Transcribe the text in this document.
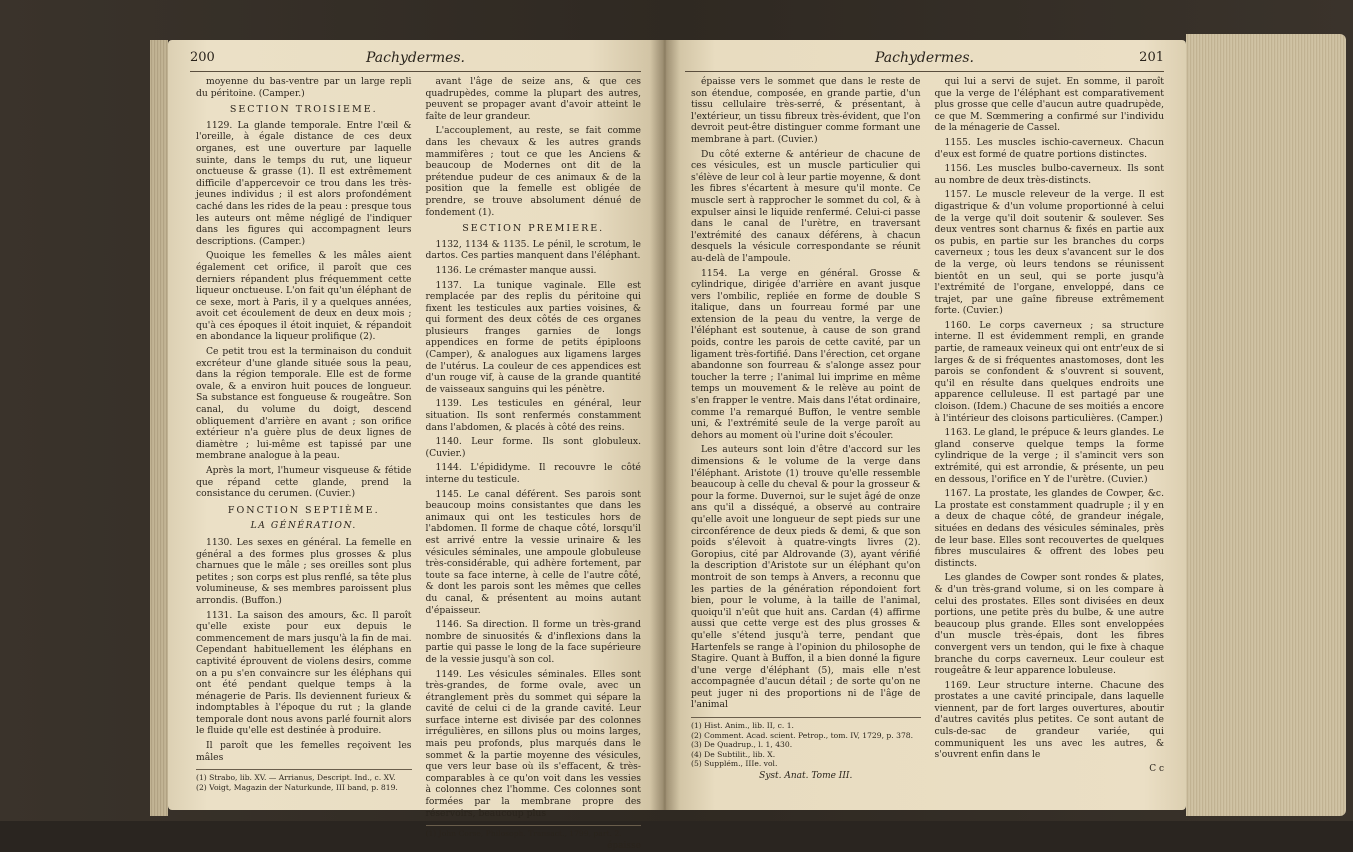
200	Pachydermes.

moyenne du bas-ventre par un large repli du péritoine. (Camper.)

SECTION TROISIEME.

1129. La glande temporale. Entre l'œil & l'oreille, à égale distance de ces deux organes, est une ouverture par laquelle suinte, dans le temps du rut, une liqueur onctueuse & grasse (1). Il est extrêmement difficile d'appercevoir ce trou dans les très-jeunes individus ; il est alors profondément caché dans les rides de la peau : presque tous les auteurs ont même négligé de l'indiquer dans les figures qui accompagnent leurs descriptions. (Camper.)

Quoique les femelles & les mâles aient également cet orifice, il paroît que ces derniers répandent plus fréquemment cette liqueur onctueuse. L'on fait qu'un éléphant de ce sexe, mort à Paris, il y a quelques années, avoit cet écoulement de deux en deux mois ; qu'à ces époques il étoit inquiet, & répandoit en abondance la liqueur prolifique (2).

Ce petit trou est la terminaison du conduit excréteur d'une glande située sous la peau, dans la région temporale. Elle est de forme ovale, & a environ huit pouces de longueur. Sa substance est fongueuse & rougeâtre. Son canal, du volume du doigt, descend obliquement d'arrière en avant ; son orifice extérieur n'a guère plus de deux lignes de diamètre ; lui-même est tapissé par une membrane analogue à la peau.

Après la mort, l'humeur visqueuse & fétide que répand cette glande, prend la consistance du cerumen. (Cuvier.)

FONCTION SEPTIÈME.

LA GÉNÉRATION.

1130. Les sexes en général. La femelle en général a des formes plus grosses & plus charnues que le mâle ; ses oreilles sont plus petites ; son corps est plus renflé, sa tête plus volumineuse, & ses membres paroissent plus arrondis. (Buffon.)

1131. La saison des amours, &c. Il paroît qu'elle existe pour eux depuis le commencement de mars jusqu'à la fin de mai. Cependant habituellement les éléphans en captivité éprouvent de violens desirs, comme on a pu s'en convaincre sur les éléphans qui ont été pendant quelque temps à la ménagerie de Paris. Ils deviennent furieux & indomptables à l'époque du rut ; la glande temporale dont nous avons parlé fournit alors le fluide qu'elle est destinée à produire.

Il paroît que les femelles reçoivent les mâles

(1) Strabo, lib. XV. — Arrianus, Descript. Ind., c. XV.
(2) Voigt, Magazin der Naturkunde, III band, p. 819.

avant l'âge de seize ans, & que ces quadrupèdes, comme la plupart des autres, peuvent se propager avant d'avoir atteint le faîte de leur grandeur.

L'accouplement, au reste, se fait comme dans les chevaux & les autres grands mammifères ; tout ce que les Anciens & beaucoup de Modernes ont dit de la prétendue pudeur de ces animaux & de la position que la femelle est obligée de prendre, se trouve absolument dénué de fondement (1).

SECTION PREMIERE.

1132, 1134 & 1135. Le pénil, le scrotum, le dartos. Ces parties manquent dans l'éléphant.

1136. Le crémaster manque aussi.

1137. La tunique vaginale. Elle est remplacée par des replis du péritoine qui fixent les testicules aux parties voisines, & qui forment des deux côtés de ces organes plusieurs franges garnies de longs appendices en forme de petits épiploons (Camper), & analogues aux ligamens larges de l'utérus. La couleur de ces appendices est d'un rouge vif, à cause de la grande quantité de vaisseaux sanguins qui les pénètre.

1139. Les testicules en général, leur situation. Ils sont renfermés constamment dans l'abdomen, & placés à côté des reins.

1140. Leur forme. Ils sont globuleux. (Cuvier.)

1144. L'épididyme. Il recouvre le côté interne du testicule.

1145. Le canal déférent. Ses parois sont beaucoup moins consistantes que dans les animaux qui ont les testicules hors de l'abdomen. Il forme de chaque côté, lorsqu'il est arrivé entre la vessie urinaire & les vésicules séminales, une ampoule globuleuse très-considérable, qui adhère fortement, par toute sa face interne, à celle de l'autre côté, & dont les parois sont les mêmes que celles du canal, & présentent au moins autant d'épaisseur.

1146. Sa direction. Il forme un très-grand nombre de sinuosités & d'inflexions dans la partie qui passe le long de la face supérieure de la vessie jusqu'à son col.

1149. Les vésicules séminales. Elles sont très-grandes, de forme ovale, avec un étranglement près du sommet qui sépare la cavité de celui ci de la grande cavité. Leur surface interne est divisée par des colonnes irrégulières, en sillons plus ou moins larges, mais peu profonds, plus marqués dans le sommet & la partie moyenne des vésicules, que vers leur base où ils s'effacent, & très-comparables à ce qu'on voit dans les vessies à colonnes chez l'homme. Ces colonnes sont formées par la membrane propre des réservoirs, beaucoup plus

(1) John Corse, Philosoph. Transact., 1799, part. 2.
épaisse
Pachydermes.	201

épaisse vers le sommet que dans le reste de son étendue, composée, en grande partie, d'un tissu cellulaire très-serré, & présentant, à l'extérieur, un tissu fibreux très-évident, que l'on devroit peut-être distinguer comme formant une membrane à part. (Cuvier.)

Du côté externe & antérieur de chacune de ces vésicules, est un muscle particulier qui s'élève de leur col à leur partie moyenne, & dont les fibres s'écartent à mesure qu'il monte. Ce muscle sert à rapprocher le sommet du col, & à expulser ainsi le liquide renfermé. Celui-ci passe dans le canal de l'urètre, en traversant l'extrémité des canaux déférens, à chacun desquels la vésicule correspondante se réunit au-delà de l'ampoule.

1154. La verge en général. Grosse & cylindrique, dirigée d'arrière en avant jusque vers l'ombilic, repliée en forme de double S italique, dans un fourreau formé par une extension de la peau du ventre, la verge de l'éléphant est soutenue, à cause de son grand poids, contre les parois de cette cavité, par un ligament très-fortifié. Dans l'érection, cet organe abandonne son fourreau & s'alonge assez pour toucher la terre ; l'animal lui imprime en même temps un mouvement & le relève au point de s'en frapper le ventre. Mais dans l'état ordinaire, comme l'a remarqué Buffon, le ventre semble uni, & l'extrémité seule de la verge paroît au dehors au moment où l'urine doit s'écouler.

Les auteurs sont loin d'être d'accord sur les dimensions & le volume de la verge dans l'éléphant. Aristote (1) trouve qu'elle ressemble beaucoup à celle du cheval & pour la grosseur & pour la forme. Duvernoi, sur le sujet âgé de onze ans qu'il a disséqué, a observé au contraire qu'elle avoit une longueur de sept pieds sur une circonférence de deux pieds & demi, & que son poids s'élevoit à quatre-vingts livres (2). Goropius, cité par Aldrovande (3), ayant vérifié la description d'Aristote sur un éléphant qu'on montroit de son temps à Anvers, a reconnu que les parties de la génération répondoient fort bien, pour le volume, à la taille de l'animal, quoiqu'il n'eût que huit ans. Cardan (4) affirme aussi que cette verge est des plus grosses & qu'elle s'étend jusqu'à terre, pendant que Hartenfels se range à l'opinion du philosophe de Stagire. Quant à Buffon, il a bien donné la figure d'une verge d'éléphant (5), mais elle n'est accompagnée d'aucun détail ; de sorte qu'on ne peut juger ni des proportions ni de l'âge de l'animal

(1) Hist. Anim., lib. II, c. 1.
(2) Comment. Acad. scient. Petrop., tom. IV, 1729, p. 378.
(3) De Quadrup., l. 1, 430.
(4) De Subtilit., lib. X.
(5) Supplém., IIIe. vol.
Syst. Anat. Tome III.

qui lui a servi de sujet. En somme, il paroît que la verge de l'éléphant est comparativement plus grosse que celle d'aucun autre quadrupède, ce que M. Sœmmering a confirmé sur l'individu de la ménagerie de Cassel.

1155. Les muscles ischio-caverneux. Chacun d'eux est formé de quatre portions distinctes.

1156. Les muscles bulbo-caverneux. Ils sont au nombre de deux très-distincts.

1157. Le muscle releveur de la verge. Il est digastrique & d'un volume proportionné à celui de la verge qu'il doit soutenir & soulever. Ses deux ventres sont charnus & fixés en partie aux os pubis, en partie sur les branches du corps caverneux ; tous les deux s'avancent sur le dos de la verge, où leurs tendons se réunissent bientôt en un seul, qui se porte jusqu'à l'extrémité de l'organe, enveloppé, dans ce trajet, par une gaîne fibreuse extrêmement forte. (Cuvier.)

1160. Le corps caverneux ; sa structure interne. Il est évidemment rempli, en grande partie, de rameaux veineux qui ont entr'eux de si larges & de si fréquentes anastomoses, dont les parois se confondent & s'ouvrent si souvent, qu'il en résulte dans quelques endroits une apparence celluleuse. Il est partagé par une cloison. (Idem.) Chacune de ses moitiés a encore à l'intérieur des cloisons particulières. (Camper.)

1163. Le gland, le prépuce & leurs glandes. Le gland conserve quelque temps la forme cylindrique de la verge ; il s'amincit vers son extrémité, qui est arrondie, & présente, un peu en dessous, l'orifice en Y de l'urètre. (Cuvier.)

1167. La prostate, les glandes de Cowper, &c. La prostate est constamment quadruple ; il y en a deux de chaque côté, de grandeur inégale, situées en dedans des vésicules séminales, près de leur base. Elles sont recouvertes de quelques fibres musculaires & offrent des lobes peu distincts.

Les glandes de Cowper sont rondes & plates, & d'un très-grand volume, si on les compare à celui des prostates. Elles sont divisées en deux portions, une petite près du bulbe, & une autre beaucoup plus grande. Elles sont enveloppées d'un muscle très-épais, dont les fibres convergent vers un tendon, qui le fixe à chaque branche du corps caverneux. Leur couleur est rougeâtre & leur apparence lobuleuse.

1169. Leur structure interne. Chacune des prostates a une cavité principale, dans laquelle viennent, par de fort larges ouvertures, aboutir d'autres cavités plus petites. Ce sont autant de culs-de-sac de grandeur variée, qui communiquent les uns avec les autres, & s'ouvrent enfin dans le

C c
